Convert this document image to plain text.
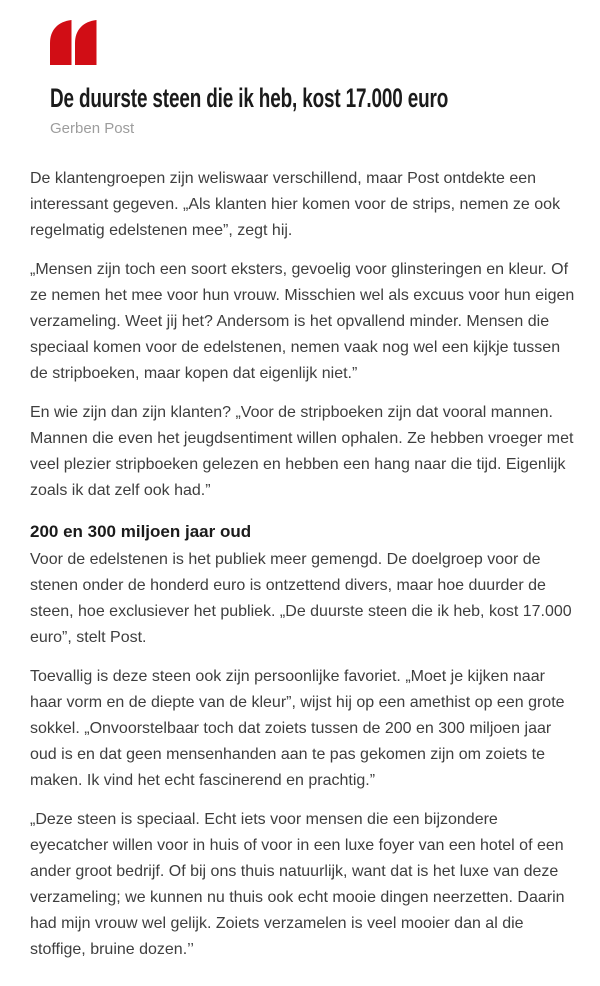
De duurste steen die ik heb, kost 17.000 euro
Gerben Post

De klantengroepen zijn weliswaar verschillend, maar Post ontdekte een interessant gegeven. „Als klanten hier komen voor de strips, nemen ze ook regelmatig edelstenen mee”, zegt hij.

„Mensen zijn toch een soort eksters, gevoelig voor glinsteringen en kleur. Of ze nemen het mee voor hun vrouw. Misschien wel als excuus voor hun eigen verzameling. Weet jij het? Andersom is het opvallend minder. Mensen die speciaal komen voor de edelstenen, nemen vaak nog wel een kijkje tussen de stripboeken, maar kopen dat eigenlijk niet.”

En wie zijn dan zijn klanten? „Voor de stripboeken zijn dat vooral mannen. Mannen die even het jeugdsentiment willen ophalen. Ze hebben vroeger met veel plezier stripboeken gelezen en hebben een hang naar die tijd. Eigenlijk zoals ik dat zelf ook had.”

200 en 300 miljoen jaar oud

Voor de edelstenen is het publiek meer gemengd. De doelgroep voor de stenen onder de honderd euro is ontzettend divers, maar hoe duurder de steen, hoe exclusiever het publiek. „De duurste steen die ik heb, kost 17.000 euro”, stelt Post.

Toevallig is deze steen ook zijn persoonlijke favoriet. „Moet je kijken naar haar vorm en de diepte van de kleur”, wijst hij op een amethist op een grote sokkel. „Onvoorstelbaar toch dat zoiets tussen de 200 en 300 miljoen jaar oud is en dat geen mensenhanden aan te pas gekomen zijn om zoiets te maken. Ik vind het echt fascinerend en prachtig.”

„Deze steen is speciaal. Echt iets voor mensen die een bijzondere eyecatcher willen voor in huis of voor in een luxe foyer van een hotel of een ander groot bedrijf. Of bij ons thuis natuurlijk, want dat is het luxe van deze verzameling; we kunnen nu thuis ook echt mooie dingen neerzetten. Daarin had mijn vrouw wel gelijk. Zoiets verzamelen is veel mooier dan al die stoffige, bruine dozen.’’
